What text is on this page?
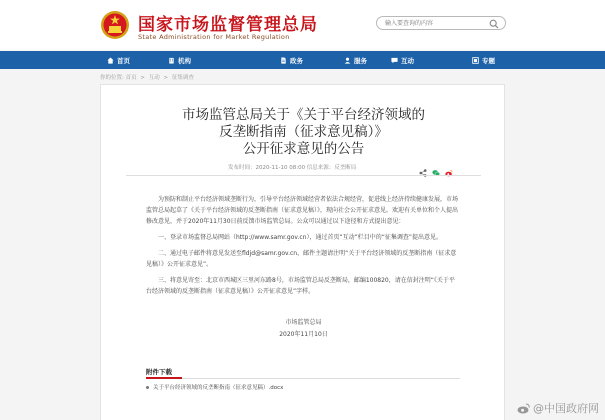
国家市场监督管理总局
State Administration for Market Regulation
输入要查询的内容
首页	机构	政务	服务	互动	专题
你的位置: 首页 > 互动 > 征集调查
市场监管总局关于《关于平台经济领域的
反垄断指南（征求意见稿）》
公开征求意见的公告
发布时间：2020-11-10 08:00 信息来源：反垄断局

为预防和制止平台经济领域垄断行为，引导平台经济领域经营者依法合规经营，促进线上经济持续健康发展，市场监管总局起草了《关于平台经济领域的反垄断指南（征求意见稿）》，现向社会公开征求意见。欢迎有关单位和个人提出修改意见，并于2020年11月30日前反馈市场监管总局。公众可以通过以下途径和方式提出意见：

一、登录市场监督总局网站（http://www.samr.gov.cn），通过首页“互动”栏目中的“征集调查”提出意见。

二、通过电子邮件将意见发送至fldjd@samr.gov.cn，邮件主题请注明“关于平台经济领域的反垄断指南（征求意见稿）》公开征求意见”。

三、将意见寄至：北京市西城区三里河东路8号，市场监管总局反垄断局，邮编100820，请在信封注明“《关于平台经济领域的反垄断指南（征求意见稿）》公开征求意见”字样。

市场监管总局
2020年11月10日
附件下载
关于平台经济领域的反垄断指南（征求意见稿）.docx
@中国政府网
